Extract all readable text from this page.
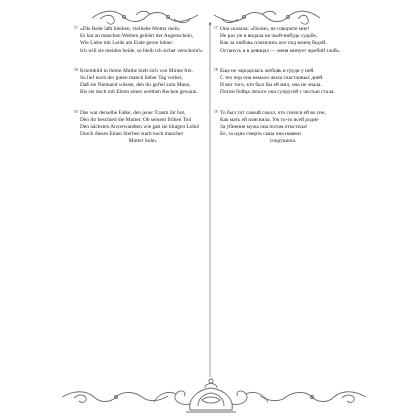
17 «Die Rede laßt bleiben, vielliebe Mutter mein.
Es hat an manchen Weiben gelehrt der Augenschein,
Wie Liebe mit Leide am Ende gerne lohne;
Ich will sie meiden beide, so bleib ich sicher verschont!»
18 Kriemhild in ihrem Muthe hielt sich von Minne frei.
So lief noch der guten manch lieber Tag vorbei,
Daß sie Niemand wüsste, den ihr gefiel zum Mann,
Bis sie doch mit Ehren einen werthen Recken gewann.
19 Das war derselbe Falke, den jener Traum ihr bot,
Den ihr beschied die Mutter. Ob seinem frühen Tod
Den nächsten Anverwandten wie gab sie blutgen Lohn!
Durch dieses Einen Sterben starb noch mancher
Mutter Sohn.
17 Она сказала: «Полно, не говорите мне!
Не раз уж я видала на чьей-нибудь судьбе,
Как за любовь платились все под конец бедой.
Останусь я в девицах — меня минует жребий злой».
18 Еще не зародилась любовь в груди у ней.
С тех пор она немало жила счастливых дней.
И вот того, кто был бы ей мил, она не знала.
Потом бойца лихого она супругой с честью стала.
19 То был тот самый сокол, что снился ей во сне,
Как мать ей пояснила. Уж то-то всей родне
За убиение мужа она потом отмстила!
Ее, за одна смерть сына она навеки
сокрушила.
